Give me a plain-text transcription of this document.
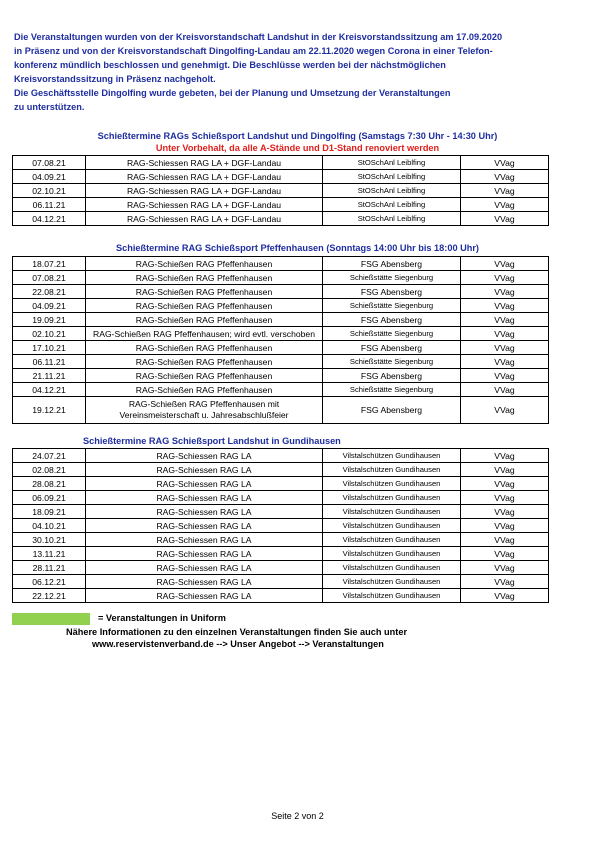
Die Veranstaltungen wurden von der Kreisvorstandschaft Landshut in der Kreisvorstandssitzung am 17.09.2020
in Präsenz und von der Kreisvorstandschaft Dingolfing-Landau am 22.11.2020 wegen Corona in einer Telefon-
konferenz mündlich beschlossen und genehmigt. Die Beschlüsse werden bei der nächstmöglichen
Kreisvorstandssitzung in Präsenz nachgeholt.
Die Geschäftsstelle Dingolfing wurde gebeten, bei der Planung und Umsetzung der Veranstaltungen
zu unterstützen.
Schießtermine RAGs Schießsport Landshut und Dingolfing (Samstags 7:30 Uhr - 14:30 Uhr)
Unter Vorbehalt, da alle A-Stände und D1-Stand renoviert werden
07.08.21	RAG-Schiessen RAG LA + DGF-Landau	StOSchAnl Leiblfing	VVag
04.09.21	RAG-Schiessen RAG LA + DGF-Landau	StOSchAnl Leiblfing	VVag
02.10.21	RAG-Schiessen RAG LA + DGF-Landau	StOSchAnl Leiblfing	VVag
06.11.21	RAG-Schiessen RAG LA + DGF-Landau	StOSchAnl Leiblfing	VVag
04.12.21	RAG-Schiessen RAG LA + DGF-Landau	StOSchAnl Leiblfing	VVag
Schießtermine RAG Schießsport Pfeffenhausen (Sonntags 14:00 Uhr bis 18:00 Uhr)
18.07.21	RAG-Schießen RAG Pfeffenhausen	FSG Abensberg	VVag
07.08.21	RAG-Schießen RAG Pfeffenhausen	Schießstätte Siegenburg	VVag
22.08.21	RAG-Schießen RAG Pfeffenhausen	FSG Abensberg	VVag
04.09.21	RAG-Schießen RAG Pfeffenhausen	Schießstätte Siegenburg	VVag
19.09.21	RAG-Schießen RAG Pfeffenhausen	FSG Abensberg	VVag
02.10.21	RAG-Schießen RAG Pfeffenhausen; wird evtl. verschoben	Schießstätte Siegenburg	VVag
17.10.21	RAG-Schießen RAG Pfeffenhausen	FSG Abensberg	VVag
06.11.21	RAG-Schießen RAG Pfeffenhausen	Schießstätte Siegenburg	VVag
21.11.21	RAG-Schießen RAG Pfeffenhausen	FSG Abensberg	VVag
04.12.21	RAG-Schießen RAG Pfeffenhausen	Schießstätte Siegenburg	VVag
19.12.21	RAG-Schießen RAG Pfeffenhausen mit Vereinsmeisterschaft u. Jahresabschlußfeier	FSG Abensberg	VVag
Schießtermine RAG Schießsport Landshut in Gundihausen
24.07.21	RAG-Schiessen RAG LA	Vilstalschützen Gundihausen	VVag
02.08.21	RAG-Schiessen RAG LA	Vilstalschützen Gundihausen	VVag
28.08.21	RAG-Schiessen RAG LA	Vilstalschützen Gundihausen	VVag
06.09.21	RAG-Schiessen RAG LA	Vilstalschützen Gundihausen	VVag
18.09.21	RAG-Schiessen RAG LA	Vilstalschützen Gundihausen	VVag
04.10.21	RAG-Schiessen RAG LA	Vilstalschützen Gundihausen	VVag
30.10.21	RAG-Schiessen RAG LA	Vilstalschützen Gundihausen	VVag
13.11.21	RAG-Schiessen RAG LA	Vilstalschützen Gundihausen	VVag
28.11.21	RAG-Schiessen RAG LA	Vilstalschützen Gundihausen	VVag
06.12.21	RAG-Schiessen RAG LA	Vilstalschützen Gundihausen	VVag
22.12.21	RAG-Schiessen RAG LA	Vilstalschützen Gundihausen	VVag
= Veranstaltungen in Uniform
Nähere Informationen zu den einzelnen Veranstaltungen finden Sie auch unter
www.reservistenverband.de --> Unser Angebot --> Veranstaltungen
Seite 2 von 2
